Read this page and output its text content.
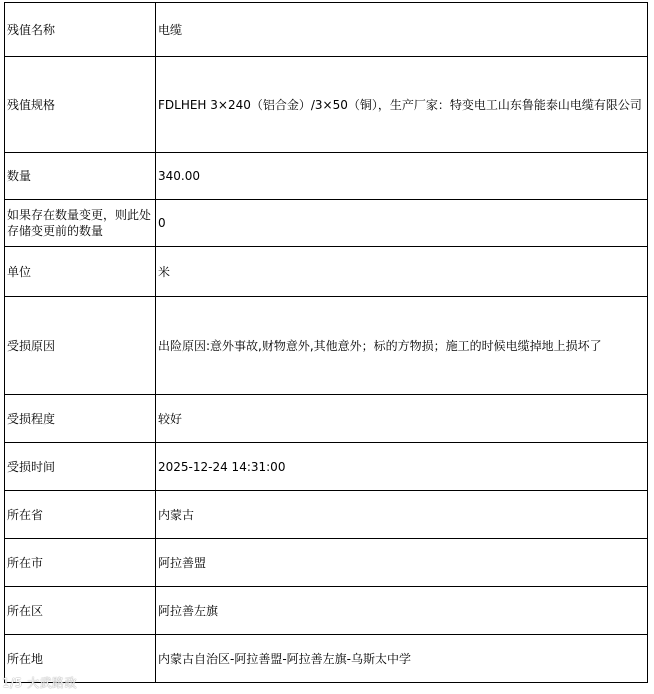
残值名称	电缆
残值规格	FDLHEH 3×240（铝合金）/3×50（铜），生产厂家：特变电工山东鲁能泰山电缆有限公司
数量	340.00
如果存在数量变更，则此处存储变更前的数量	0
单位	米
受损原因	出险原因:意外事故,财物意外,其他意外；标的方物损；施工的时候电缆掉地上损坏了
受损程度	较好
受损时间	2025-12-24 14:31:00
所在省	内蒙古
所在市	阿拉善盟
所在区	阿拉善左旗
所在地	内蒙古自治区-阿拉善盟-阿拉善左旗-乌斯太中学
1/5 大武路政
